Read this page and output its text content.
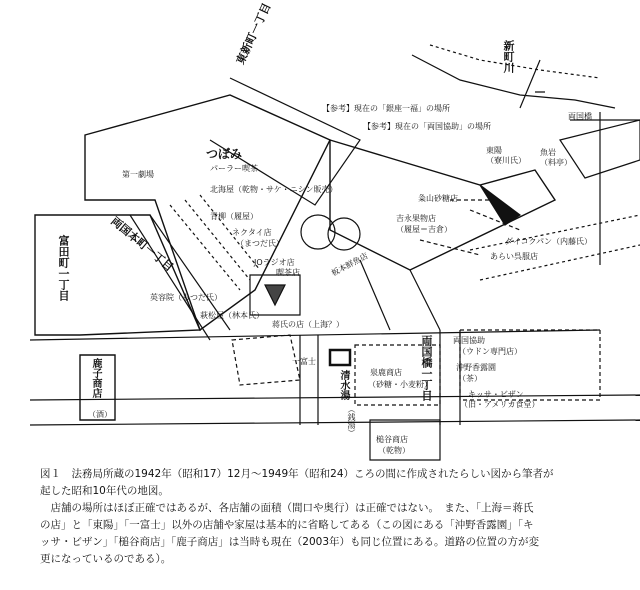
東新町一丁目
両国本町一丁目
富田町一丁目
両国橋一丁目
新町川
両国橋
第一劇場
つぼみ
パーラー喫茶
北海屋（乾物・サケ・ニシン販売）
青柳（履屋）
ネクタイ店
（まつだ氏）
JOラジオ店
喫茶店
英容院（もつだ氏）
萩松屋（林本氏）
蒋氏の店（上海？）
【参考】現在の「銀座一福」の場所
【参考】現在の「両国協助」の場所
東陽
（寮川氏）
魚岩
（料亭）
粂山砂糖店
吉永果物店
（履屋＝吉倉）
板本鮮魚店
ダイコクパン（内藤氏）
あらい呉服店
鹿子商店
（酒）
一富士
清水湯
（銭湯）
泉鹿商店
（砂糖・小麦粉）
両国協助
（ウドン専門店）
沖野香露園
（茶）
キッサ・ビザン
（旧・アメリカ食堂）
槌谷商店
（乾物）

図１　法務局所蔵の1942年（昭和17）12月〜1949年（昭和24）ころの間に作成されたらしい図から筆者が

起した昭和10年代の地図。

店舗の場所はほぼ正確ではあるが、各店舗の面積（間口や奥行）は正確ではない。　また、「上海＝蒋氏

の店」と「東陽」「一富士」以外の店舗や家屋は基本的に省略してある（この図にある「沖野香露園」「キ

ッサ・ビザン」「槌谷商店」「鹿子商店」は当時も現在（2003年）も同じ位置にある。道路の位置の方が変

更になっているのである）。
